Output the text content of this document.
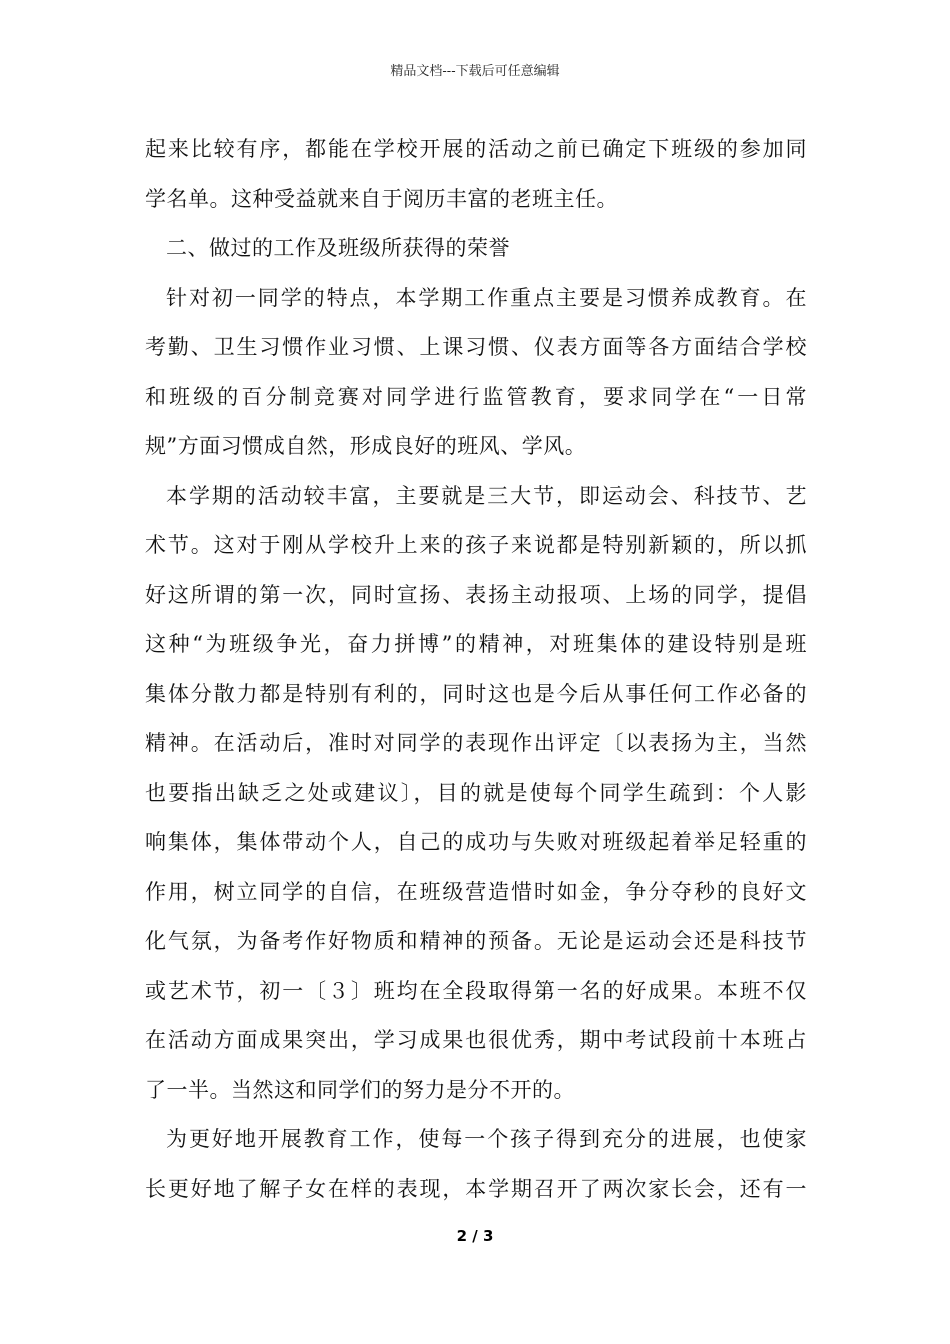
精品文档---下载后可任意编辑
起来比较有序，都能在学校开展的活动之前已确定下班级的参加同
学名单。这种受益就来自于阅历丰富的老班主任。
二、做过的工作及班级所获得的荣誉
针对初一同学的特点，本学期工作重点主要是习惯养成教育。在
考勤、卫生习惯作业习惯、上课习惯、仪表方面等各方面结合学校
和班级的百分制竞赛对同学进行监管教育，要求同学在“一日常
规”方面习惯成自然，形成良好的班风、学风。
本学期的活动较丰富，主要就是三大节，即运动会、科技节、艺
术节。这对于刚从学校升上来的孩子来说都是特别新颖的，所以抓
好这所谓的第一次，同时宣扬、表扬主动报项、上场的同学，提倡
这种“为班级争光，奋力拼博”的精神，对班集体的建设特别是班
集体分散力都是特别有利的，同时这也是今后从事任何工作必备的
精神。在活动后，准时对同学的表现作出评定〔以表扬为主，当然
也要指出缺乏之处或建议〕，目的就是使每个同学生疏到：个人影
响集体，集体带动个人，自己的成功与失败对班级起着举足轻重的
作用，树立同学的自信，在班级营造惜时如金，争分夺秒的良好文
化气氛，为备考作好物质和精神的预备。无论是运动会还是科技节
或艺术节，初一〔３〕班均在全段取得第一名的好成果。本班不仅
在活动方面成果突出，学习成果也很优秀，期中考试段前十本班占
了一半。当然这和同学们的努力是分不开的。
为更好地开展教育工作，使每一个孩子得到充分的进展，也使家
长更好地了解子女在样的表现，本学期召开了两次家长会，还有一
2 / 3
